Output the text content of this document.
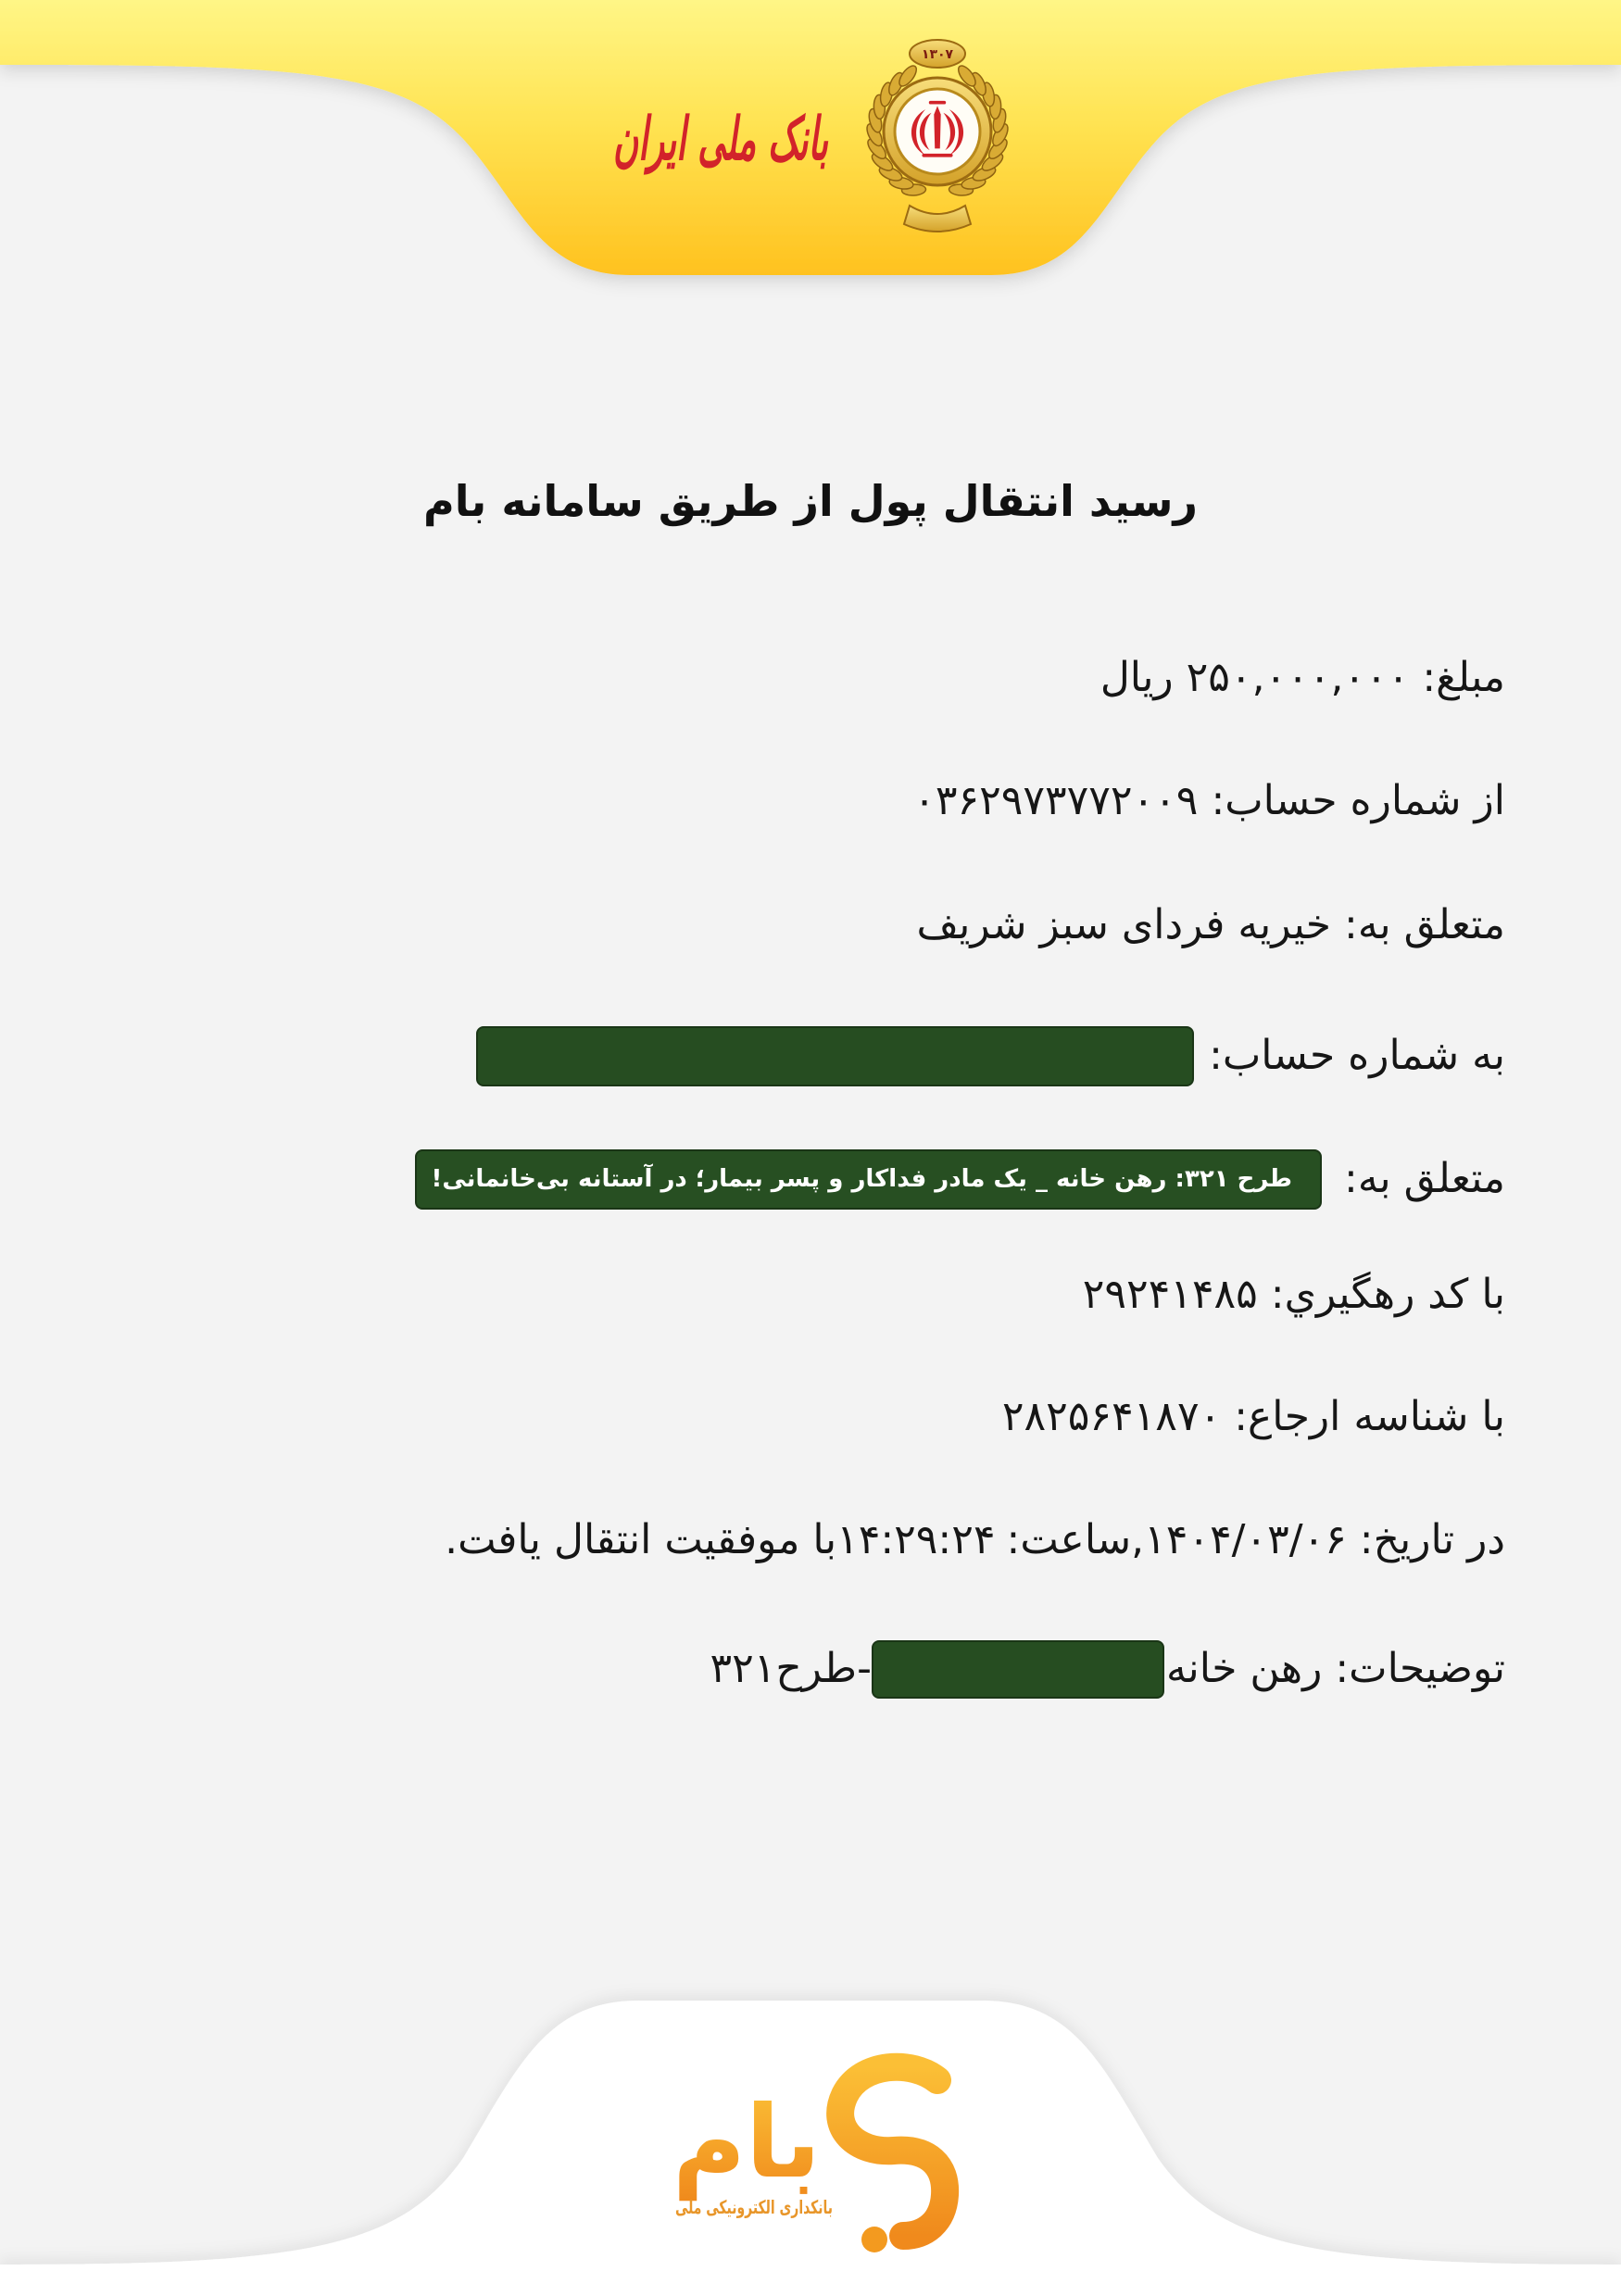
بانک ملی ایران
۱۳۰۷
رسید انتقال پول از طریق سامانه بام
مبلغ:
۲۵۰,۰۰۰,۰۰۰ ریال
از شماره حساب:
۰۳۶۲۹۷۳۷۷۲۰۰۹
متعلق به:
خیریه فردای سبز شریف
به شماره حساب:
متعلق به:
طرح ۳۲۱: رهن خانه _ یک مادر فداکار و پسر بیمار؛ در آستانه بی‌خانمانی!
با کد رهگیري:
۲۹۲۴۱۴۸۵
با شناسه ارجاع:
۲۸۲۵۶۴۱۸۷۰
در تاریخ:
۱۴۰۴/۰۳/۰۶
,ساعت:
۱۴:۲۹:۲۴
با موفقیت انتقال یافت.
توضیحات:
رهن خانه
-طرح۳۲۱
بام
بانکداری الکترونیکی ملی
